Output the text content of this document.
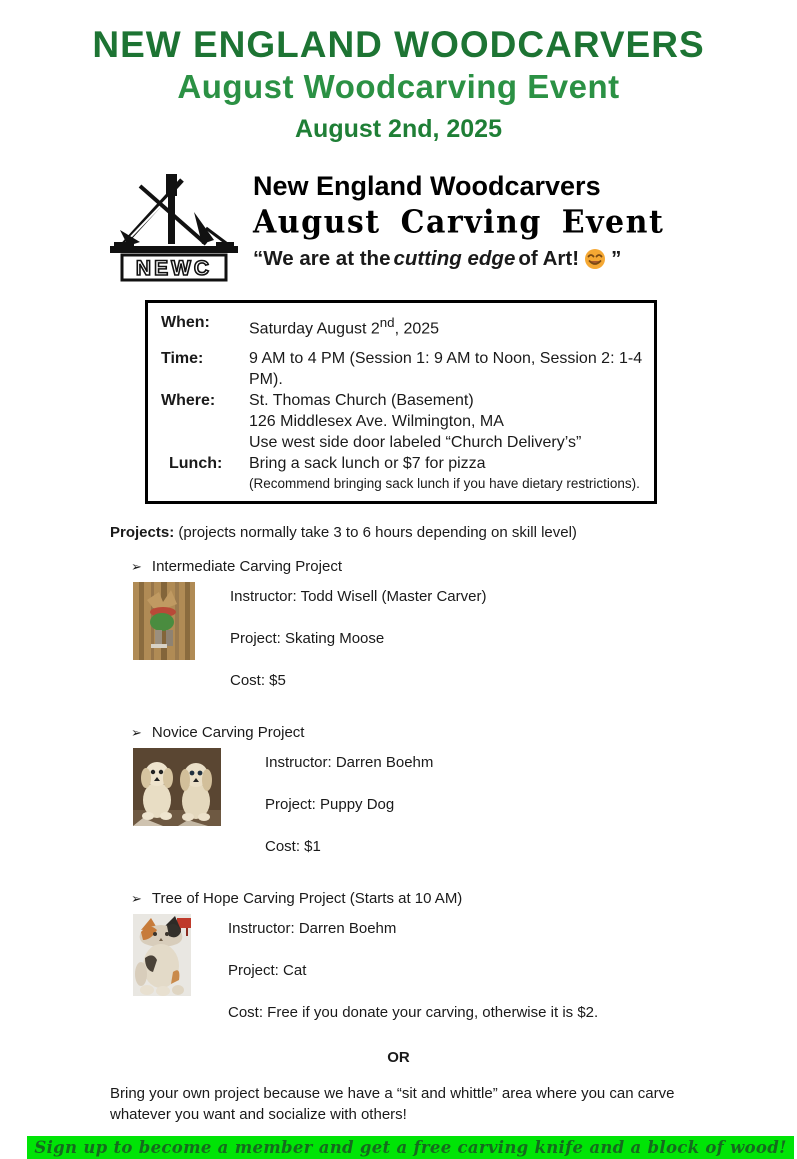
NEW ENGLAND WOODCARVERS
August Woodcarving Event
August 2nd, 2025
NEWC
New England Woodcarvers
August Carving Event
“We are at the cutting edge of Art! ”
When:	Saturday August 2nd, 2025
Time:	9 AM to 4 PM (Session 1: 9 AM to Noon, Session 2: 1-4 PM).
Where:	St. Thomas Church (Basement)
126 Middlesex Ave. Wilmington, MA
Use west side door labeled “Church Delivery’s”
Lunch:	Bring a sack lunch or $7 for pizza
(Recommend bringing sack lunch if you have dietary restrictions).
Projects: (projects normally take 3 to 6 hours depending on skill level)
➢ Intermediate Carving Project
Instructor: Todd Wisell (Master Carver)
Project: Skating Moose
Cost: $5
➢ Novice Carving Project
Instructor: Darren Boehm
Project: Puppy Dog
Cost: $1
➢ Tree of Hope Carving Project (Starts at 10 AM)
Instructor: Darren Boehm
Project: Cat
Cost: Free if you donate your carving, otherwise it is $2.
OR
Bring your own project because we have a “sit and whittle” area where you can carve whatever you want and socialize with others!
Sign up to become a member and get a free carving knife and a block of wood!
